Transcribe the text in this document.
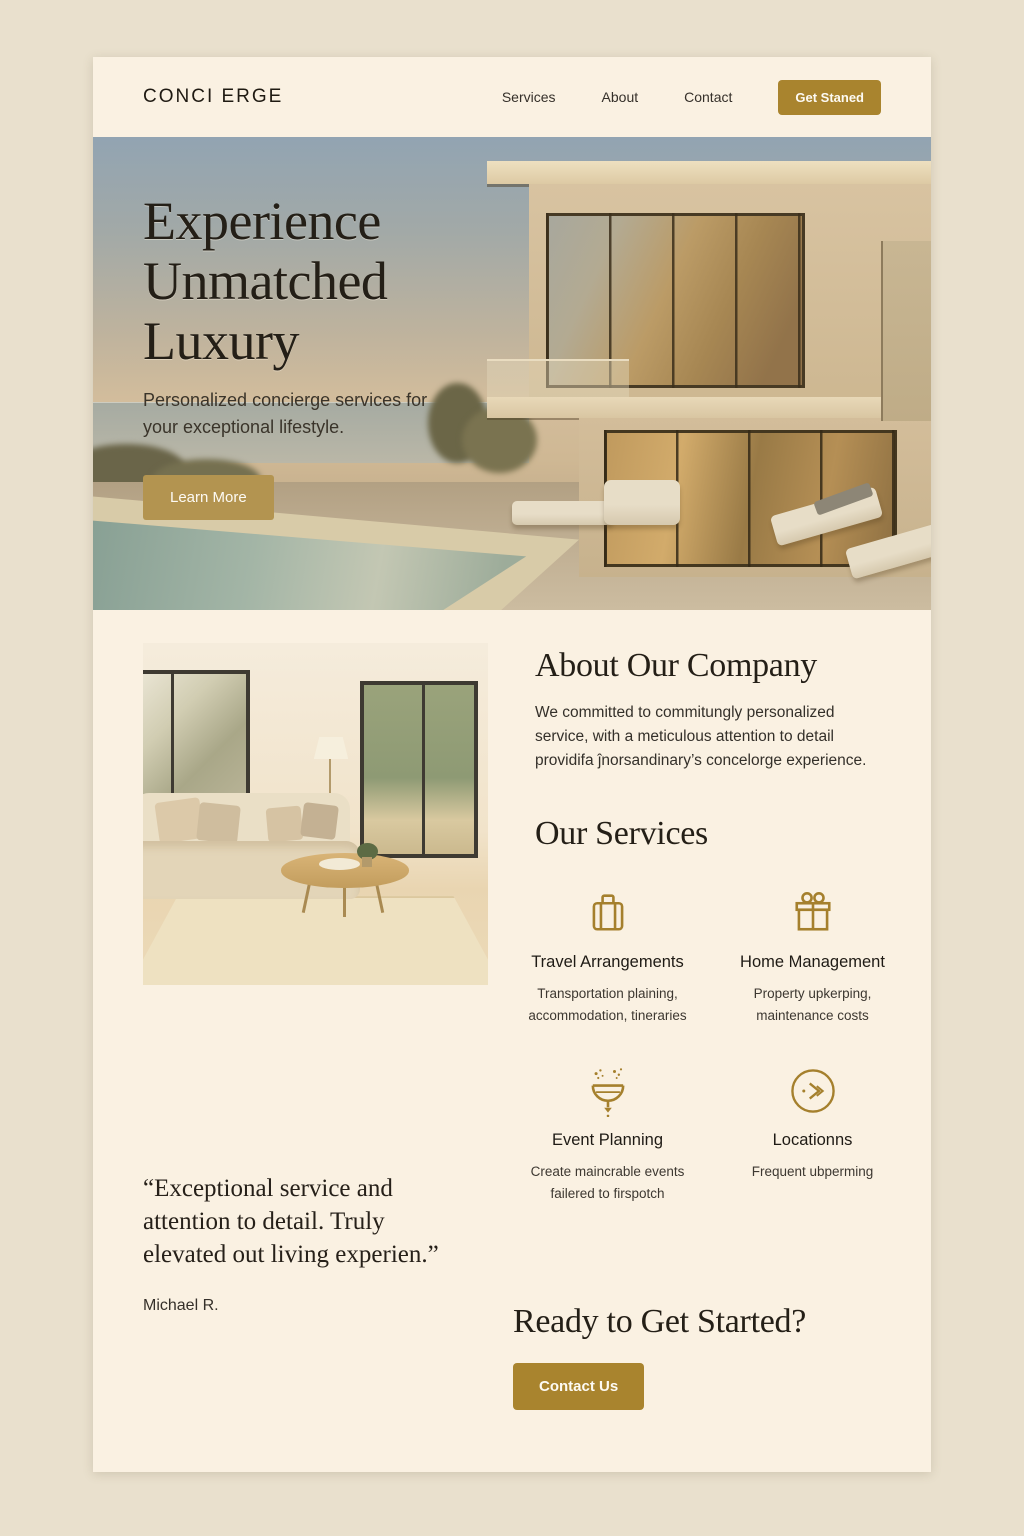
CONCI ERGE	Services	About	Contact	Get Staned
Experience
Unmatched
Luxury

Personalized concierge services for your exceptional lifestyle.

Learn More
“Exceptional service and
attention to detail. Truly
elevated out living experien.”
Michael R.
About Our Company

We committed to commitungly personalized service, with a meticulous attention to detail providifa ĵnorsandinary’s concelorge experience.

Our Services
Travel Arrangements
Transportation plaining, accommodation, tineraries
Home Management
Property upkerping, maintenance costs
Event Planning
Create maincrable events failered to firspotch
Locationns
Frequent ubperming
Ready to Get Started?
Contact Us
